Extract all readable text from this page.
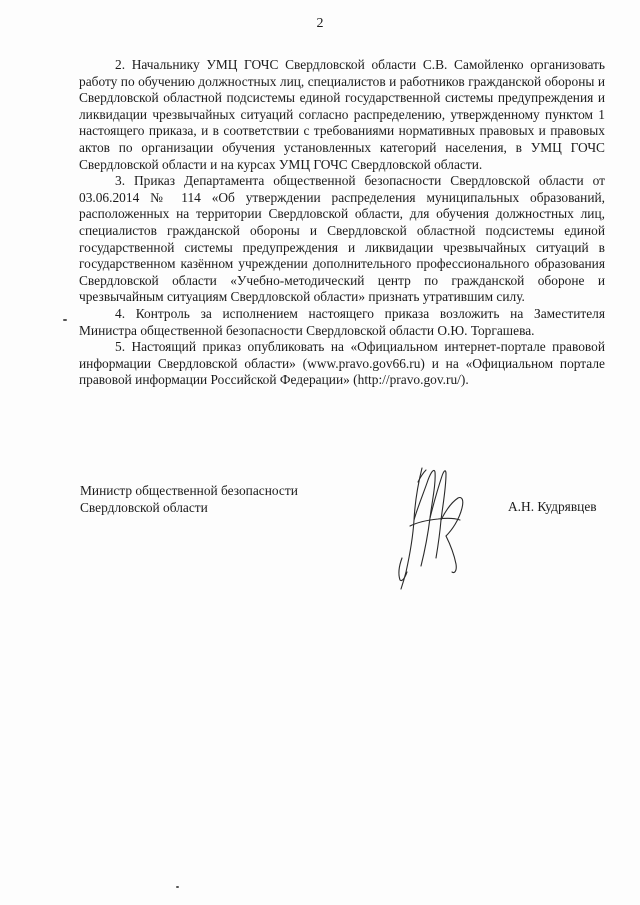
2

2. Начальнику УМЦ ГОЧС Свердловской области С.В. Самойленко организовать работу по обучению должностных лиц, специалистов и работников гражданской обороны и Свердловской областной подсистемы единой государственной системы предупреждения и ликвидации чрезвычайных ситуаций согласно распределению, утвержденному пунктом 1 настоящего приказа, и в соответствии с требованиями нормативных правовых и правовых актов по организации обучения установленных категорий населения, в УМЦ ГОЧС Свердловской области и на курсах УМЦ ГОЧС Свердловской области.

3. Приказ Департамента общественной безопасности Свердловской области от 03.06.2014 № 114 «Об утверждении распределения муниципальных образований, расположенных на территории Свердловской области, для обучения должностных лиц, специалистов гражданской обороны и Свердловской областной подсистемы единой государственной системы предупреждения и ликвидации чрезвычайных ситуаций в государственном казённом учреждении дополнительного профессионального образования Свердловской области «Учебно-методический центр по гражданской обороне и чрезвычайным ситуациям Свердловской области» признать утратившим силу.

4. Контроль за исполнением настоящего приказа возложить на Заместителя Министра общественной безопасности Свердловской области О.Ю. Торгашева.

5. Настоящий приказ опубликовать на «Официальном интернет-портале правовой информации Свердловской области» (www.pravo.gov66.ru) и на «Официальном портале правовой информации Российской Федерации» (http://pravo.gov.ru/).

Министр общественной безопасности
Свердловской области	А.Н. Кудрявцев
